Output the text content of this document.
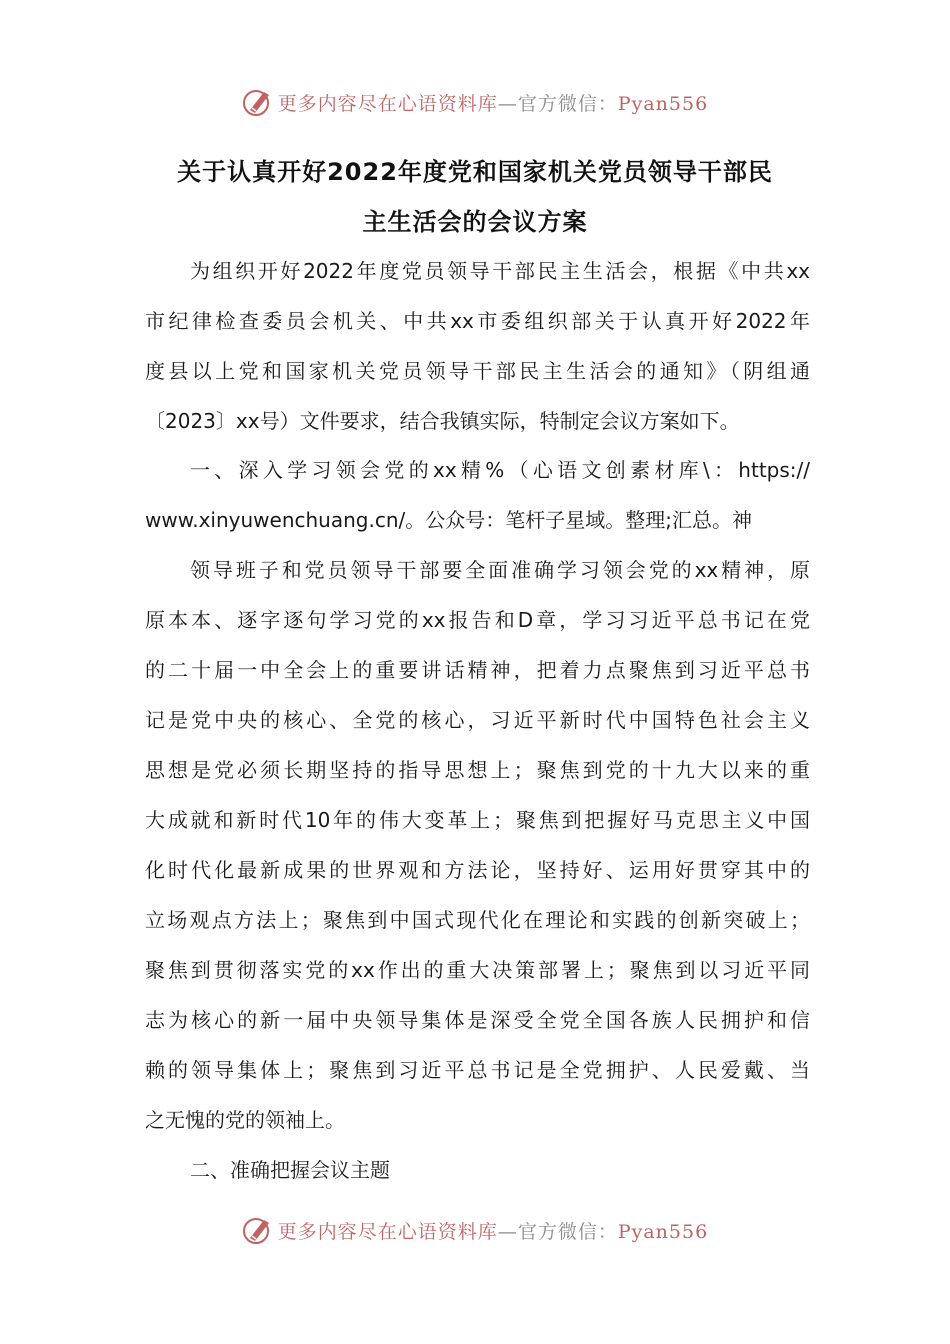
更多内容尽在心语资料库—官方微信：Pyan556
关于认真开好2022年度党和国家机关党员领导干部民
主生活会的会议方案
为组织开好2022年度党员领导干部民主生活会，根据《中共xx
市纪律检查委员会机关、中共xx市委组织部关于认真开好2022年
度县以上党和国家机关党员领导干部民主生活会的通知》（阴组通
〔2023〕xx号）文件要求，结合我镇实际，特制定会议方案如下。
一、深入学习领会党的xx精%（心语文创素材库\：https://
www.xinyuwenchuang.cn/。公众号：笔杆子星域。整理;汇总。神
领导班子和党员领导干部要全面准确学习领会党的xx精神，原
原本本、逐字逐句学习党的xx报告和D章，学习习近平总书记在党
的二十届一中全会上的重要讲话精神，把着力点聚焦到习近平总书
记是党中央的核心、全党的核心，习近平新时代中国特色社会主义
思想是党必须长期坚持的指导思想上；聚焦到党的十九大以来的重
大成就和新时代10年的伟大变革上；聚焦到把握好马克思主义中国
化时代化最新成果的世界观和方法论，坚持好、运用好贯穿其中的
立场观点方法上；聚焦到中国式现代化在理论和实践的创新突破上；
聚焦到贯彻落实党的xx作出的重大决策部署上；聚焦到以习近平同
志为核心的新一届中央领导集体是深受全党全国各族人民拥护和信
赖的领导集体上；聚焦到习近平总书记是全党拥护、人民爱戴、当
之无愧的党的领袖上。
二、准确把握会议主题
更多内容尽在心语资料库—官方微信：Pyan556
